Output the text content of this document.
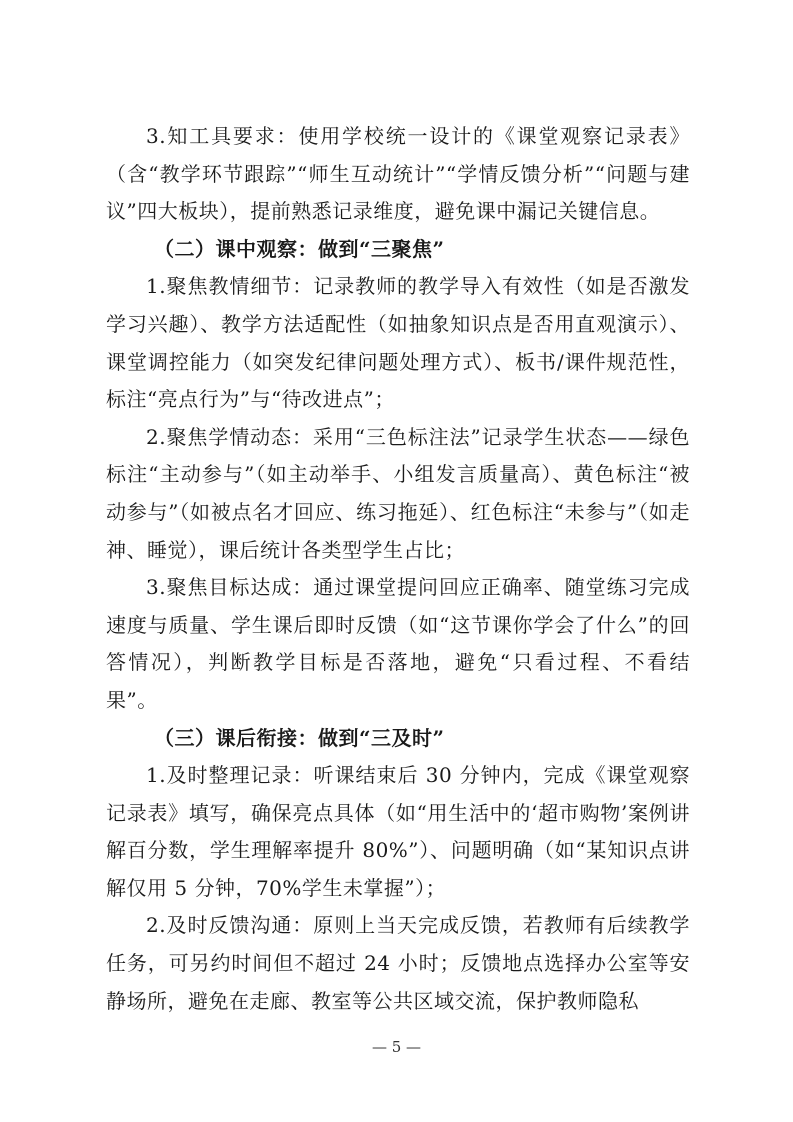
3.知工具要求：使用学校统一设计的《课堂观察记录表》（含“教学环节跟踪”“师生互动统计”“学情反馈分析”“问题与建议”四大板块），提前熟悉记录维度，避免课中漏记关键信息。

（二）课中观察：做到“三聚焦”

1.聚焦教情细节：记录教师的教学导入有效性（如是否激发学习兴趣）、教学方法适配性（如抽象知识点是否用直观演示）、课堂调控能力（如突发纪律问题处理方式）、板书/课件规范性，标注“亮点行为”与“待改进点”；

2.聚焦学情动态：采用“三色标注法”记录学生状态——绿色标注“主动参与”（如主动举手、小组发言质量高）、黄色标注“被动参与”（如被点名才回应、练习拖延）、红色标注“未参与”（如走神、睡觉），课后统计各类型学生占比；

3.聚焦目标达成：通过课堂提问回应正确率、随堂练习完成速度与质量、学生课后即时反馈（如“这节课你学会了什么”的回答情况），判断教学目标是否落地，避免“只看过程、不看结果”。

（三）课后衔接：做到“三及时”

1.及时整理记录：听课结束后 30 分钟内，完成《课堂观察记录表》填写，确保亮点具体（如“用生活中的‘超市购物’案例讲解百分数，学生理解率提升 80%”）、问题明确（如“某知识点讲解仅用 5 分钟，70%学生未掌握”）；

2.及时反馈沟通：原则上当天完成反馈，若教师有后续教学任务，可另约时间但不超过 24 小时；反馈地点选择办公室等安静场所，避免在走廊、教室等公共区域交流，保护教师隐私

— 5 —
